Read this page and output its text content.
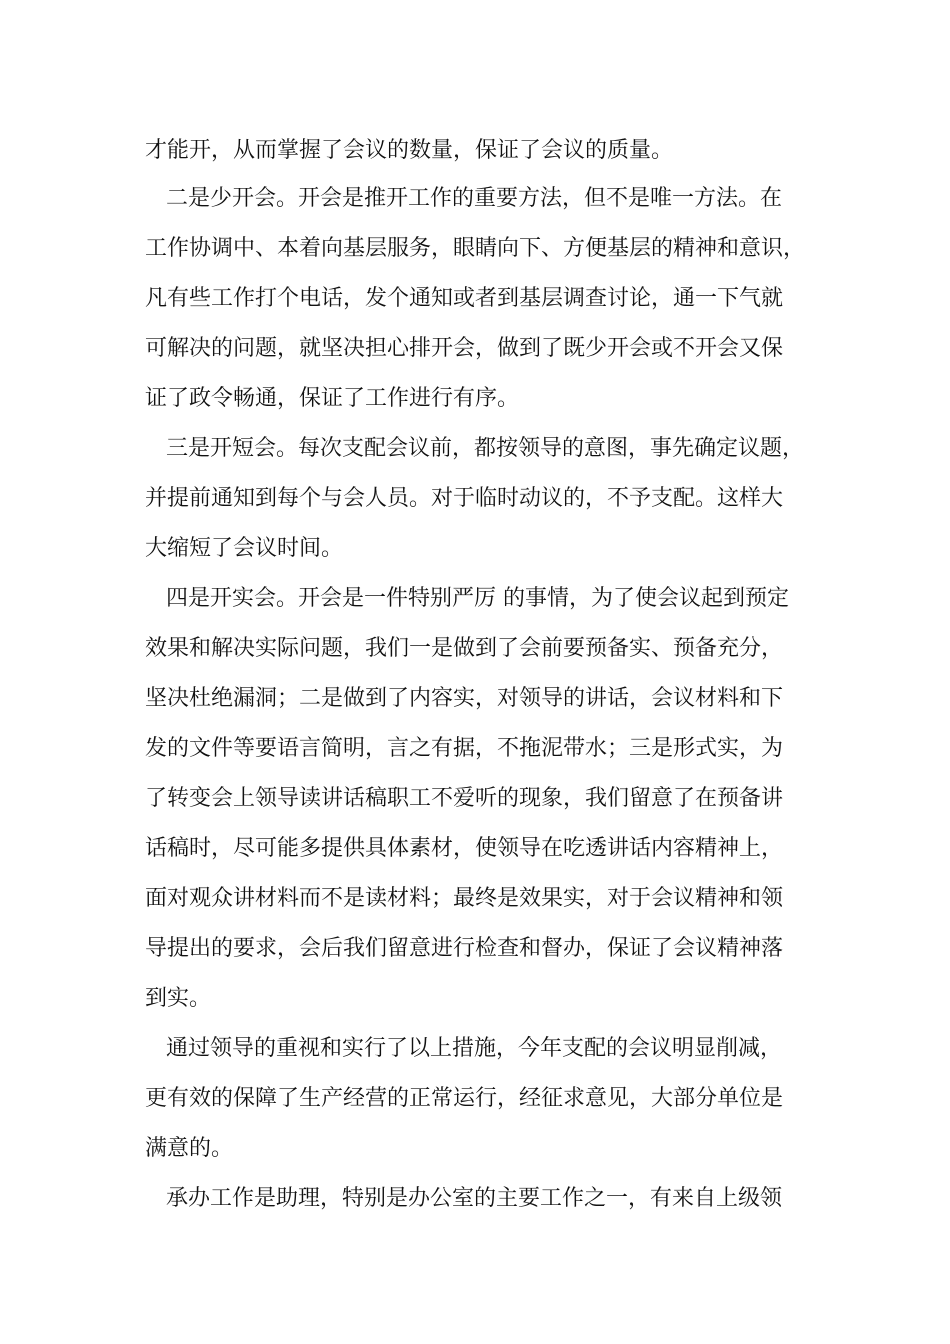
才能开，从而掌握了会议的数量，保证了会议的质量。
二是少开会。开会是推开工作的重要方法，但不是唯一方法。在
工作协调中、本着向基层服务，眼睛向下、方便基层的精神和意识，
凡有些工作打个电话，发个通知或者到基层调查讨论，通一下气就
可解决的问题，就坚决担心排开会，做到了既少开会或不开会又保
证了政令畅通，保证了工作进行有序。
三是开短会。每次支配会议前，都按领导的意图，事先确定议题，
并提前通知到每个与会人员。对于临时动议的，不予支配。这样大
大缩短了会议时间。
四是开实会。开会是一件特别严厉 的事情，为了使会议起到预定
效果和解决实际问题，我们一是做到了会前要预备实、预备充分，
坚决杜绝漏洞；二是做到了内容实，对领导的讲话，会议材料和下
发的文件等要语言简明，言之有据，不拖泥带水；三是形式实，为
了转变会上领导读讲话稿职工不爱听的现象，我们留意了在预备讲
话稿时，尽可能多提供具体素材，使领导在吃透讲话内容精神上，
面对观众讲材料而不是读材料；最终是效果实，对于会议精神和领
导提出的要求，会后我们留意进行检查和督办，保证了会议精神落
到实。
通过领导的重视和实行了以上措施，今年支配的会议明显削减，
更有效的保障了生产经营的正常运行，经征求意见，大部分单位是
满意的。
承办工作是助理，特别是办公室的主要工作之一，有来自上级领
